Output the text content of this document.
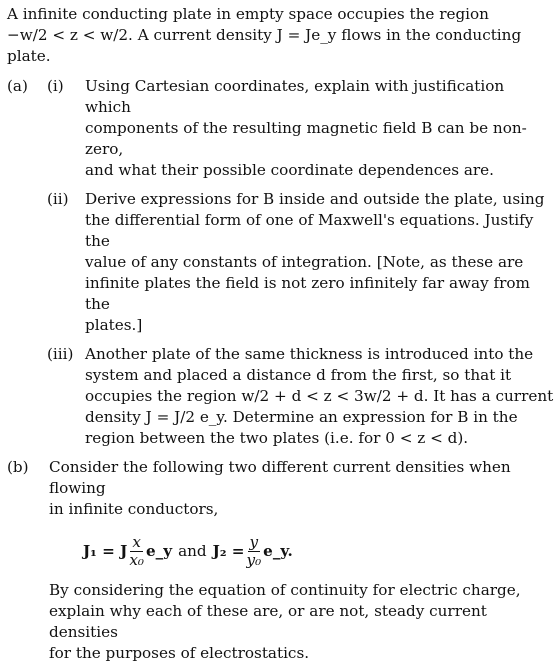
A infinite conducting plate in empty space occupies the region
−w/2 < z < w/2. A current density J = Je_y flows in the conducting
plate.
(a) (i) Using Cartesian coordinates, explain with justification which
components of the resulting magnetic field B can be non-zero,
and what their possible coordinate dependences are.
(ii) Derive expressions for B inside and outside the plate, using
the differential form of one of Maxwell's equations. Justify the
value of any constants of integration. [Note, as these are
infinite plates the field is not zero infinitely far away from the
plates.]
(iii) Another plate of the same thickness is introduced into the
system and placed a distance d from the first, so that it
occupies the region w/2 + d < z < 3w/2 + d. It has a current
density J = J/2 e_y. Determine an expression for B in the
region between the two plates (i.e. for 0 < z < d).
(b) Consider the following two different current densities when flowing
in infinite conductors,
J₁ = J $\frac{x}{\text{x₀}}$ e_y and $J_2 = \frac{y}{\text{y₀}}$ e_y.
By considering the equation of continuity for electric charge,
explain why each of these are, or are not, steady current densities
for the purposes of electrostatics.
